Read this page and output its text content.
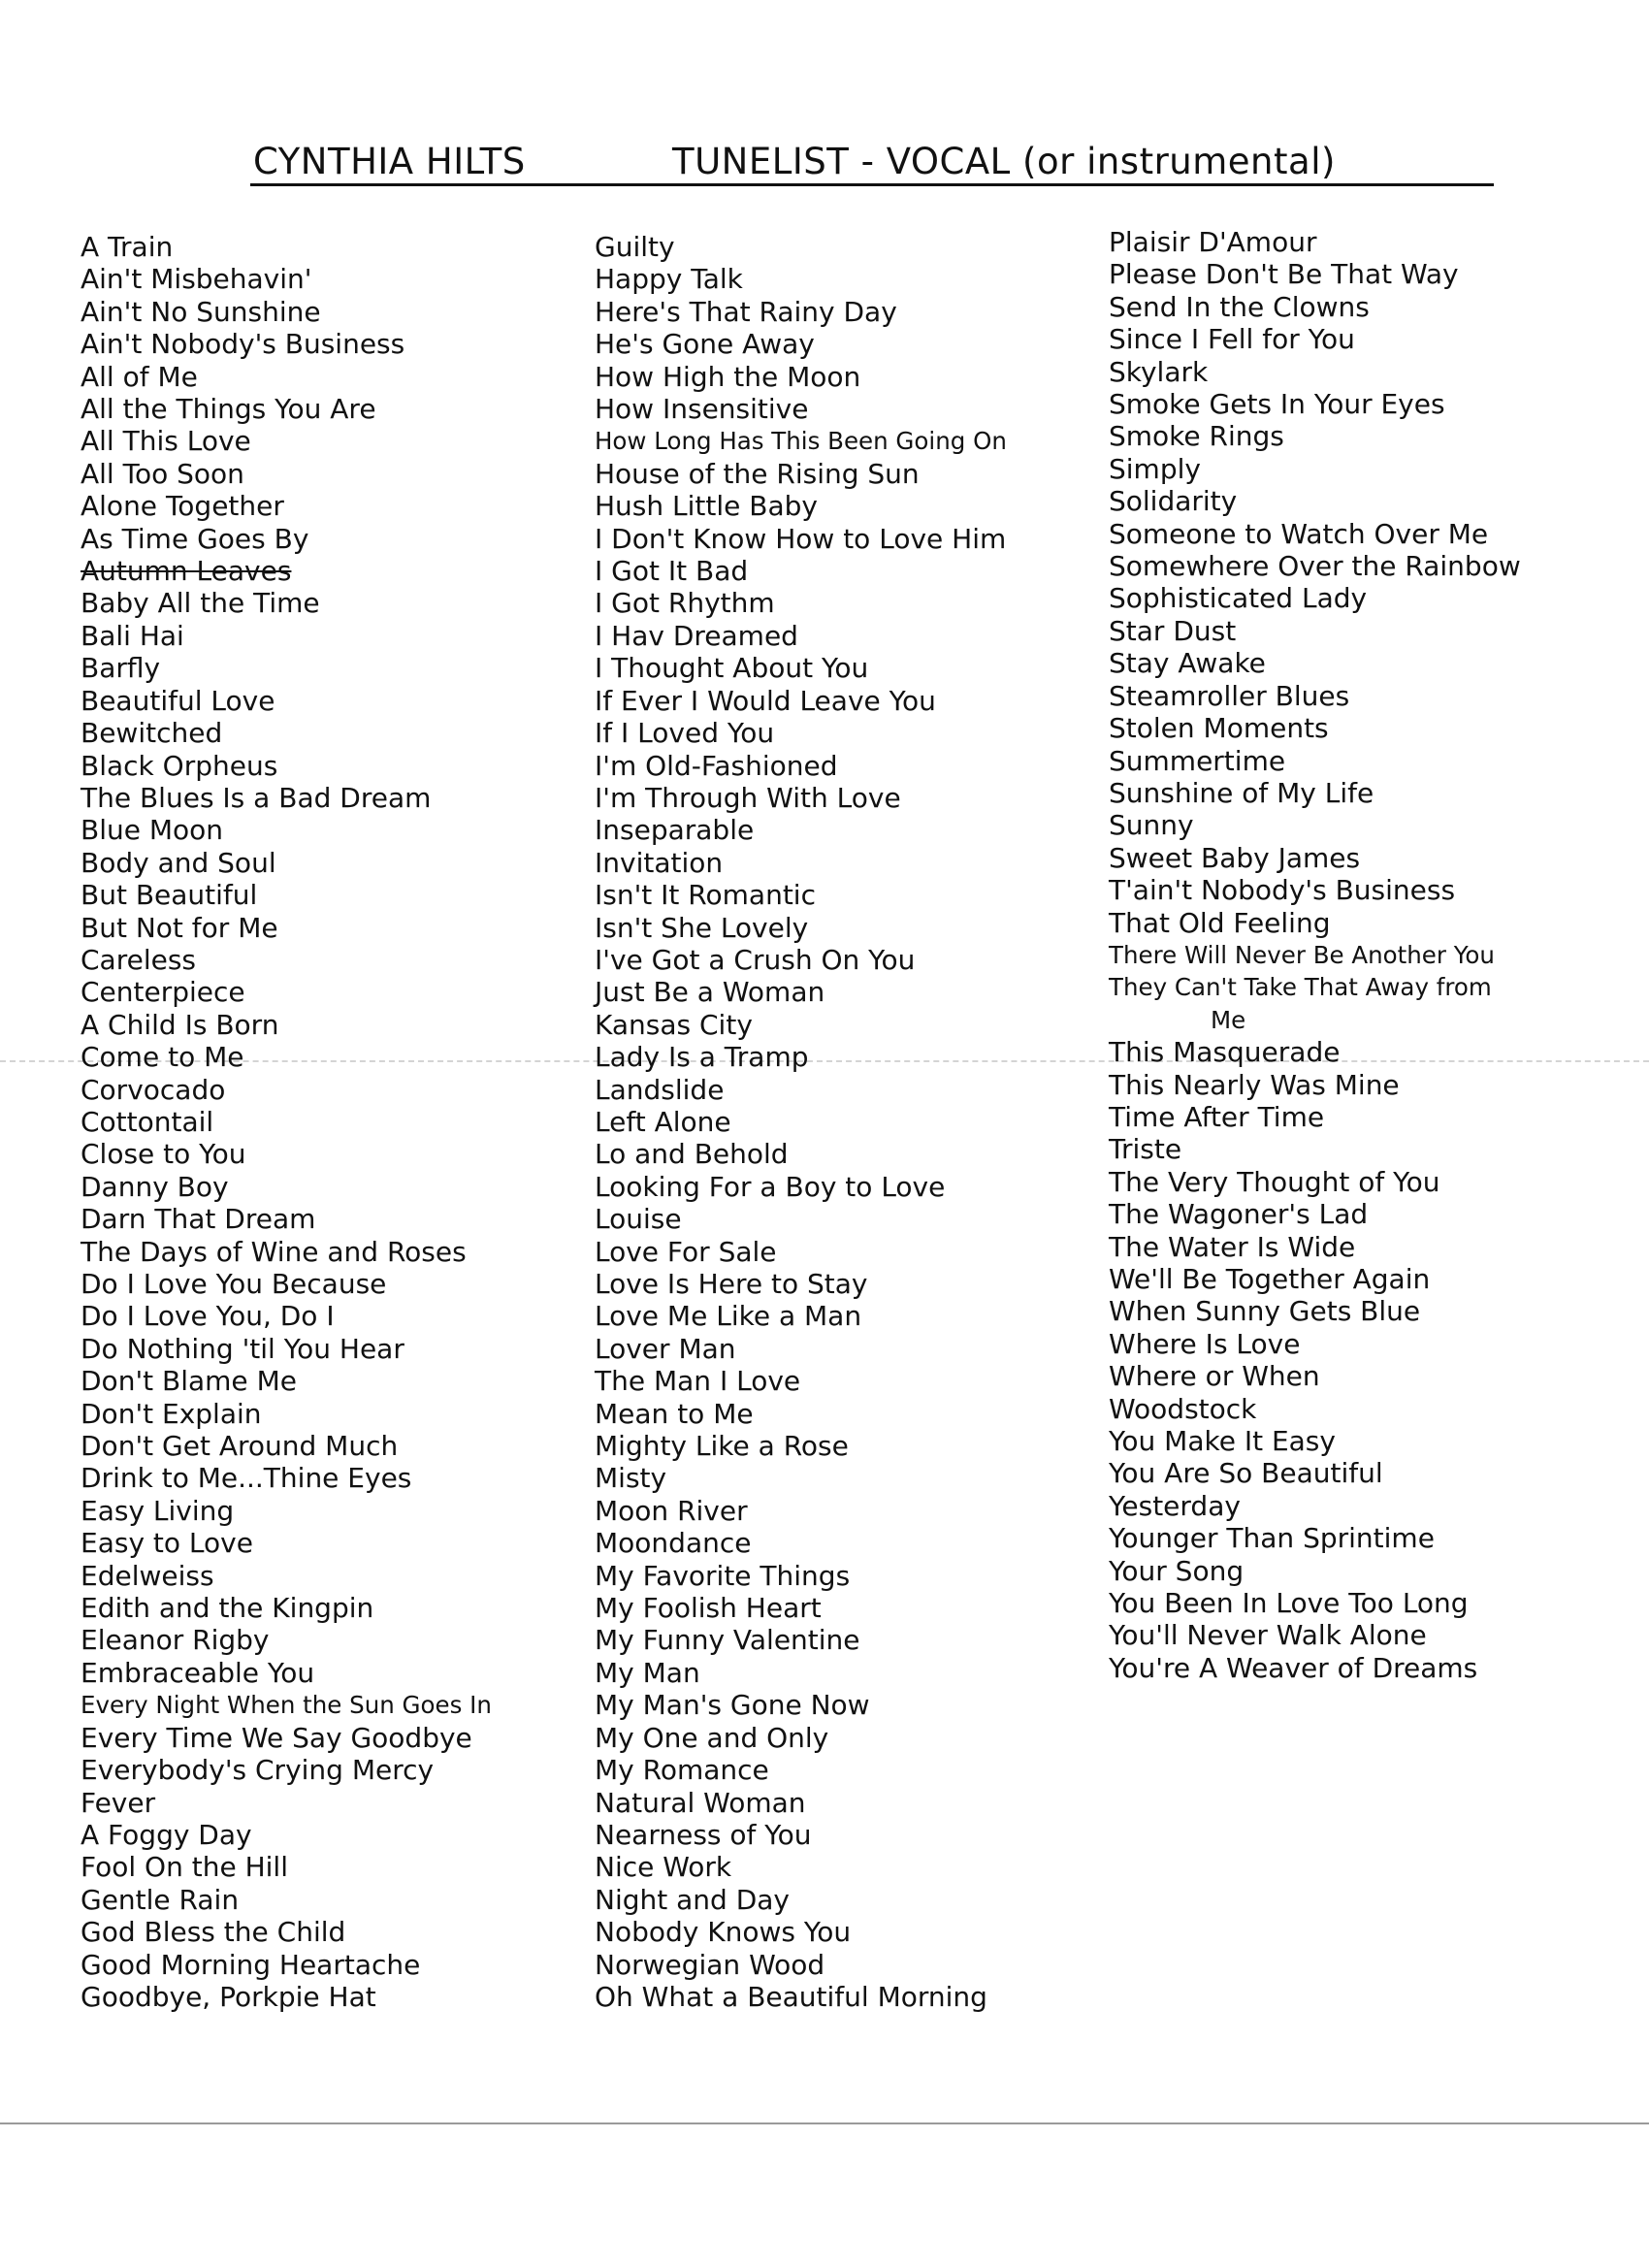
CYNTHIA HILTS	TUNELIST - VOCAL (or instrumental)
A Train
Ain't Misbehavin'
Ain't No Sunshine
Ain't Nobody's Business
All of Me
All the Things You Are
All This Love
All Too Soon
Alone Together
As Time Goes By
Autumn Leaves
Baby All the Time
Bali Hai
Barfly
Beautiful Love
Bewitched
Black Orpheus
The Blues Is a Bad Dream
Blue Moon
Body and Soul
But Beautiful
But Not for Me
Careless
Centerpiece
A Child Is Born
Come to Me
Corvocado
Cottontail
Close to You
Danny Boy
Darn That Dream
The Days of Wine and Roses
Do I Love You Because
Do I Love You, Do I
Do Nothing 'til You Hear
Don't Blame Me
Don't Explain
Don't Get Around Much
Drink to Me...Thine Eyes
Easy Living
Easy to Love
Edelweiss
Edith and the Kingpin
Eleanor Rigby
Embraceable You
Every Night When the Sun Goes In
Every Time We Say Goodbye
Everybody's Crying Mercy
Fever
A Foggy Day
Fool On the Hill
Gentle Rain
God Bless the Child
Good Morning Heartache
Goodbye, Porkpie Hat
Guilty
Happy Talk
Here's That Rainy Day
He's Gone Away
How High the Moon
How Insensitive
How Long Has This Been Going On
House of the Rising Sun
Hush Little Baby
I Don't Know How to Love Him
I Got It Bad
I Got Rhythm
I Hav Dreamed
I Thought About You
If Ever I Would Leave You
If I Loved You
I'm Old-Fashioned
I'm Through With Love
Inseparable
Invitation
Isn't It Romantic
Isn't She Lovely
I've Got a Crush On You
Just Be a Woman
Kansas City
Lady Is a Tramp
Landslide
Left Alone
Lo and Behold
Looking For a Boy to Love
Louise
Love For Sale
Love Is Here to Stay
Love Me Like a Man
Lover Man
The Man I Love
Mean to Me
Mighty Like a Rose
Misty
Moon River
Moondance
My Favorite Things
My Foolish Heart
My Funny Valentine
My Man
My Man's Gone Now
My One and Only
My Romance
Natural Woman
Nearness of You
Nice Work
Night and Day
Nobody Knows You
Norwegian Wood
Oh What a Beautiful Morning
Plaisir D'Amour
Please Don't Be That Way
Send In the Clowns
Since I Fell for You
Skylark
Smoke Gets In Your Eyes
Smoke Rings
Simply
Solidarity
Someone to Watch Over Me
Somewhere Over the Rainbow
Sophisticated Lady
Star Dust
Stay Awake
Steamroller Blues
Stolen Moments
Summertime
Sunshine of My Life
Sunny
Sweet Baby James
T'ain't Nobody's Business
That Old Feeling
There Will Never Be Another You
They Can't Take That Away from
Me
This Masquerade
This Nearly Was Mine
Time After Time
Triste
The Very Thought of You
The Wagoner's Lad
The Water Is Wide
We'll Be Together Again
When Sunny Gets Blue
Where Is Love
Where or When
Woodstock
You Make It Easy
You Are So Beautiful
Yesterday
Younger Than Sprintime
Your Song
You Been In Love Too Long
You'll Never Walk Alone
You're A Weaver of Dreams
